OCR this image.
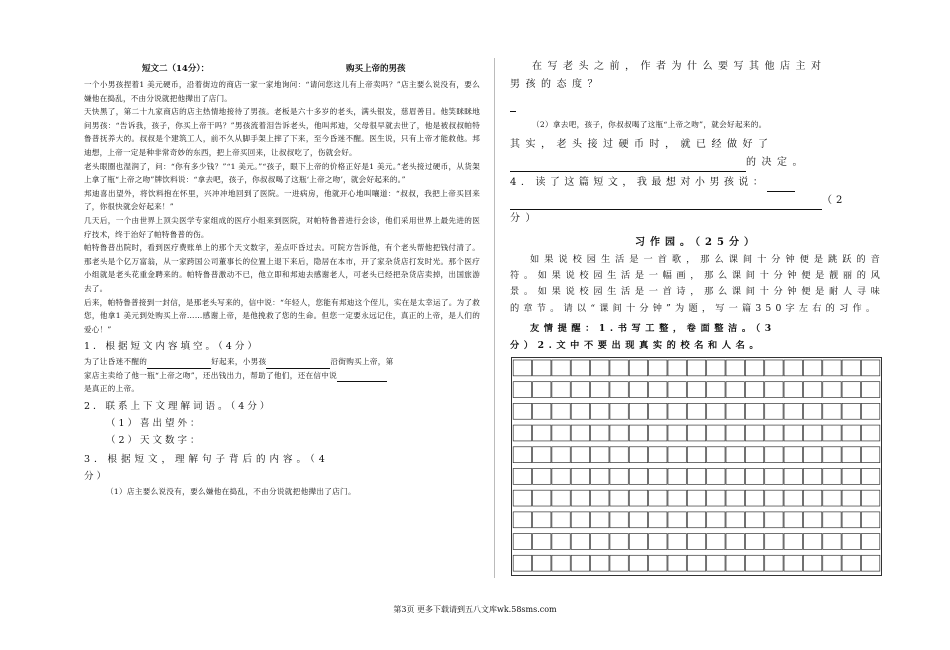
短文二（14分）：	购买上帝的男孩

一个小男孩捏着1 美元硬币，沿着街边的商店一家一家地询问：“请问您这儿有上帝卖吗？”店主要么说没有，要么嫌他在捣乱，不由分说就把他撵出了店门。

天快黑了，第二十九家商店的店主热情地接待了男孩。老板是六十多岁的老头，满头银发，慈眉善目。他笑眯眯地问男孩：“告诉我，孩子，你买上帝干吗？”男孩流着泪告诉老头，他叫邦迪，父母很早就去世了，他是被叔叔帕特鲁普抚养大的。叔叔是个建筑工人，前不久从脚手架上摔了下来，至今昏迷不醒。医生说，只有上帝才能救他。邦迪想，上帝一定是种非常奇妙的东西，把上帝买回来，让叔叔吃了，伤就会好。

老头眼圈也湿润了，问：“你有多少钱？”“1 美元。”“孩子，眼下上帝的价格正好是1 美元。”老头接过硬币，从货架上拿了瓶“上帝之吻”牌饮料说：“拿去吧，孩子，你叔叔喝了这瓶‘上帝之吻’，就会好起来的。”

邦迪喜出望外，将饮料抱在怀里，兴冲冲地回到了医院。一进病房，他就开心地叫嚷道：“叔叔，我把上帝买回来了，你很快就会好起来！”

几天后，一个由世界上顶尖医学专家组成的医疗小组来到医院，对帕特鲁普进行会诊，他们采用世界上最先进的医疗技术，终于治好了帕特鲁普的伤。

帕特鲁普出院时，看到医疗费账单上的那个天文数字，差点吓昏过去。可院方告诉他，有个老头帮他把钱付清了。那老头是个亿万富翁，从一家跨国公司董事长的位置上退下来后，隐居在本市，开了家杂货店打发时光。那个医疗小组就是老头花重金聘来的。帕特鲁普激动不已，他立即和邦迪去感谢老人，可老头已经把杂货店卖掉，出国旅游去了。

后来，帕特鲁普接到一封信，是那老头写来的，信中说：“年轻人，您能有邦迪这个侄儿，实在是太幸运了。为了救您，他拿1 美元到处购买上帝……感谢上帝，是他挽救了您的生命。但您一定要永远记住，真正的上帝，是人们的爱心！”

1．根据短文内容填空。（4分）

为了让昏迷不醒的	好起来，小男孩	沿街购买上帝，第
家店主卖给了他一瓶“上帝之吻”，还出钱出力，帮助了他们，还在信中说
是真正的上帝。

2．联系上下文理解词语。（4分）

（1）喜出望外：

（2）天文数字：

3．根据短文，理解句子背后的内容。（4

分）

（1）店主要么说没有，要么嫌他在捣乱，不由分说就把他撵出了店门。

在写老头之前，作者为什么要写其他店主对

男孩的态度？

（2）拿去吧，孩子，你叔叔喝了这瓶“上帝之吻”，就会好起来的。

其实，老头接过硬币时，就已经做好了

的决定。

4．读了这篇短文，我最想对小男孩说：

（2

分）

习作园。（25分）

如果说校园生活是一首歌，那么课间十分钟便是跳跃的音符。如果说校园生活是一幅画，那么课间十分钟便是靓丽的风景。如果说校园生活是一首诗，那么课间十分钟便是耐人寻味的章节。请以“课间十分钟”为题，写一篇350字左右的习作。

友情提醒：1.书写工整，卷面整洁。（3

分）2.文中不要出现真实的校名和人名。

第3页 更多下载请到五八文库wk.58sms.com
